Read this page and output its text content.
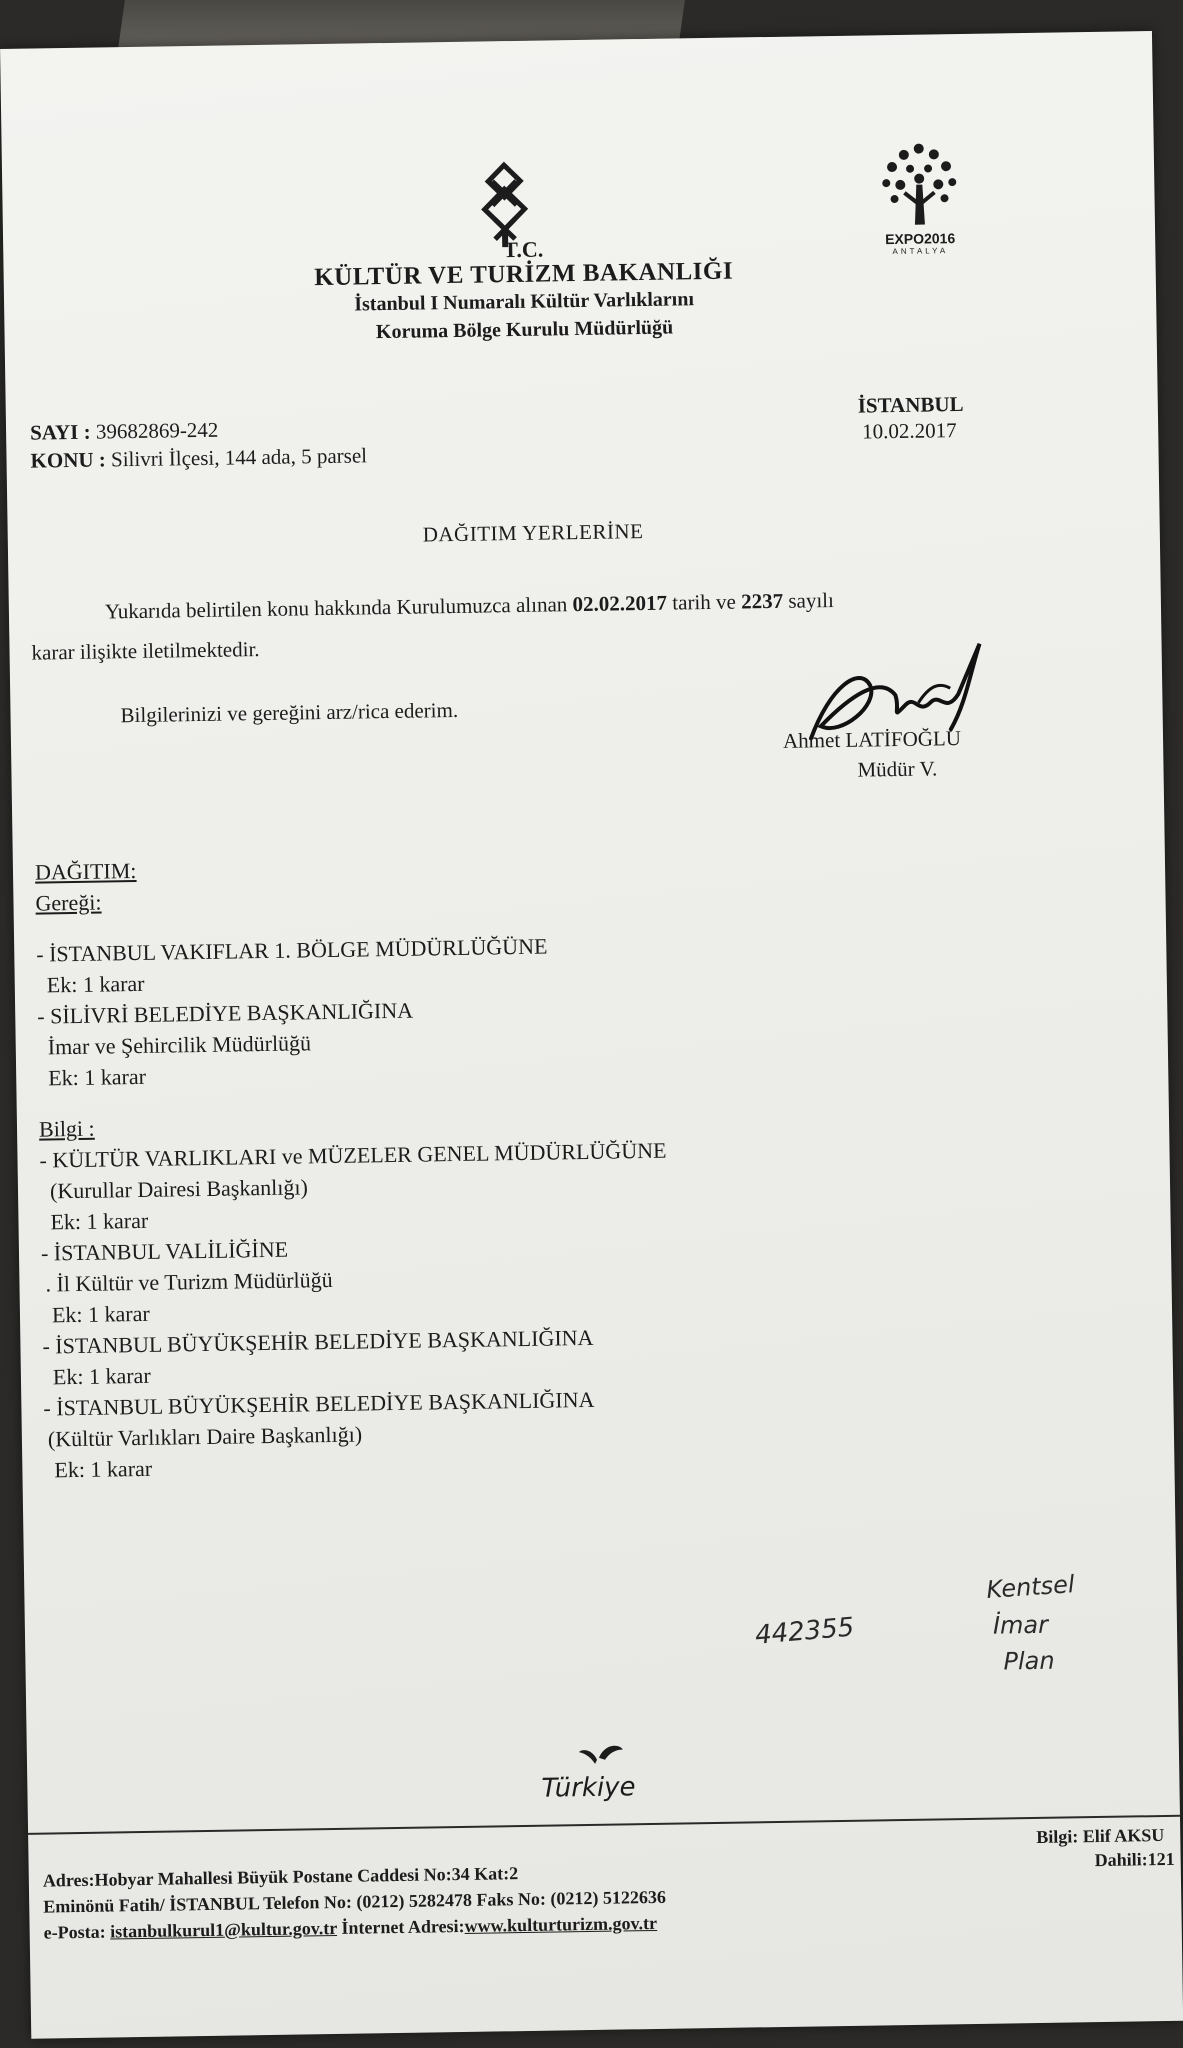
T.C.
KÜLTÜR VE TURİZM BAKANLIĞI
İstanbul I Numaralı Kültür Varlıklarını
Koruma Bölge Kurulu Müdürlüğü
EXPO2016
ANTALYA
SAYI : 39682869-242
KONU : Silivri İlçesi, 144 ada, 5 parsel
İSTANBUL
10.02.2017
DAĞITIM YERLERİNE
Yukarıda belirtilen konu hakkında Kurulumuzca alınan 02.02.2017 tarih ve 2237 sayılı
karar ilişikte iletilmektedir.
Bilgilerinizi ve gereğini arz/rica ederim.
Ahmet LATİFOĞLU
Müdür V.
DAĞITIM:
Gereği:
- İSTANBUL VAKIFLAR 1. BÖLGE MÜDÜRLÜĞÜNE
Ek: 1 karar
- SİLİVRİ BELEDİYE BAŞKANLIĞINA
İmar ve Şehircilik Müdürlüğü
Ek: 1 karar
Bilgi :
- KÜLTÜR VARLIKLARI ve MÜZELER GENEL MÜDÜRLÜĞÜNE
(Kurullar Dairesi Başkanlığı)
Ek: 1 karar
- İSTANBUL VALİLİĞİNE
. İl Kültür ve Turizm Müdürlüğü
Ek: 1 karar
- İSTANBUL BÜYÜKŞEHİR BELEDİYE BAŞKANLIĞINA
Ek: 1 karar
- İSTANBUL BÜYÜKŞEHİR BELEDİYE BAŞKANLIĞINA
(Kültür Varlıkları Daire Başkanlığı)
Ek: 1 karar
442355
Kentsel
İmar
Plan
Türkiye
Adres:Hobyar Mahallesi Büyük Postane Caddesi No:34 Kat:2
Eminönü Fatih/ İSTANBUL Telefon No: (0212) 5282478 Faks No: (0212) 5122636
e-Posta: istanbulkurul1@kultur.gov.tr İnternet Adresi:www.kulturturizm.gov.tr
Bilgi: Elif AKSU
Dahili:121
